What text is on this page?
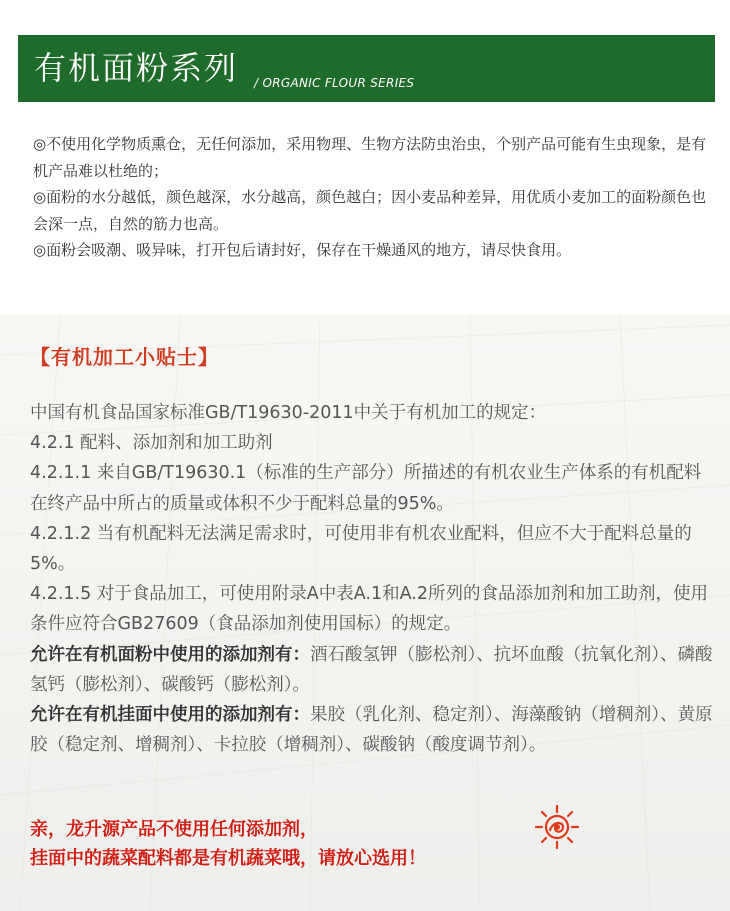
有机面粉系列 / ORGANIC FLOUR SERIES

◎不使用化学物质熏仓，无任何添加，采用物理、生物方法防虫治虫，个别产品可能有生虫现象，是有机产品难以杜绝的；

◎面粉的水分越低，颜色越深，水分越高，颜色越白；因小麦品种差异，用优质小麦加工的面粉颜色也会深一点，自然的筋力也高。

◎面粉会吸潮、吸异味，打开包后请封好，保存在干燥通风的地方，请尽快食用。

【有机加工小贴士】

中国有机食品国家标准GB/T19630-2011中关于有机加工的规定：

4.2.1 配料、添加剂和加工助剂

4.2.1.1 来自GB/T19630.1（标准的生产部分）所描述的有机农业生产体系的有机配料在终产品中所占的质量或体积不少于配料总量的95%。

4.2.1.2 当有机配料无法满足需求时，可使用非有机农业配料，但应不大于配料总量的5%。

4.2.1.5 对于食品加工，可使用附录A中表A.1和A.2所列的食品添加剂和加工助剂，使用条件应符合GB27609（食品添加剂使用国标）的规定。

允许在有机面粉中使用的添加剂有：酒石酸氢钾（膨松剂）、抗坏血酸（抗氧化剂）、磷酸氢钙（膨松剂）、碳酸钙（膨松剂）。

允许在有机挂面中使用的添加剂有：果胶（乳化剂、稳定剂）、海藻酸钠（增稠剂）、黄原胶（稳定剂、增稠剂）、卡拉胶（增稠剂）、碳酸钠（酸度调节剂）。

亲，龙升源产品不使用任何添加剂，

挂面中的蔬菜配料都是有机蔬菜哦，请放心选用！
